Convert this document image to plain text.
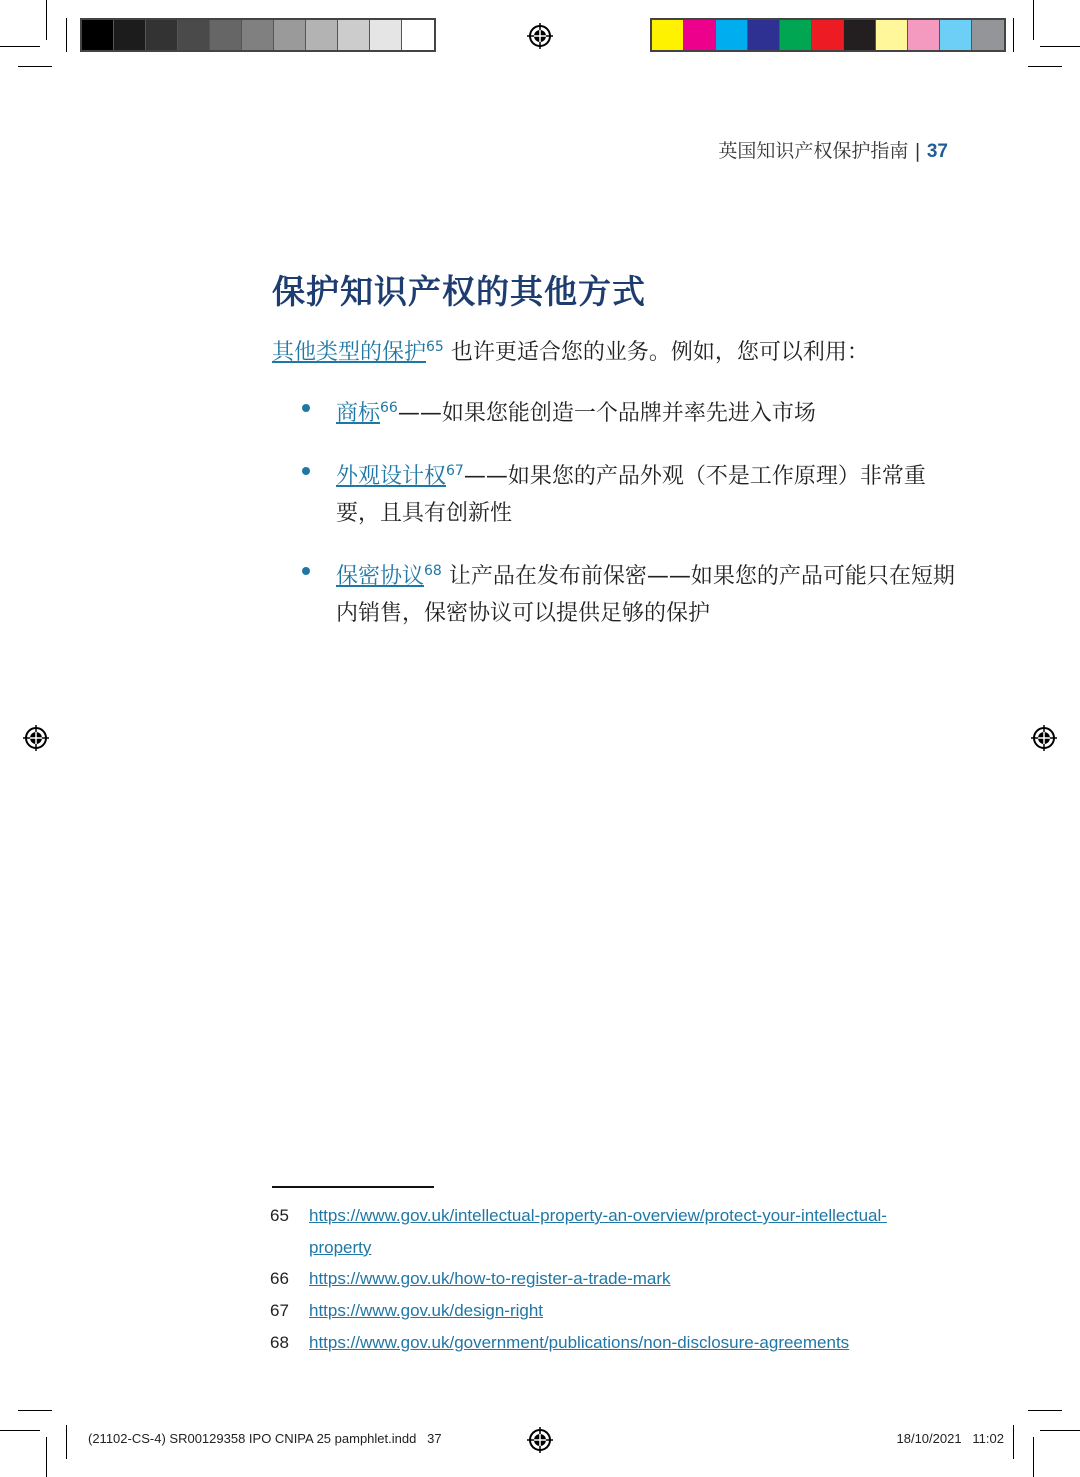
英国知识产权保护指南 | 37
保护知识产权的其他方式
其他类型的保护$^{65}$ 也许更适合您的业务。例如，您可以利用：
商标$^{66}$——如果您能创造一个品牌并率先进入市场
外观设计权$^{67}$——如果您的产品外观（不是工作原理）非常重要，且具有创新性
保密协议$^{68}$ 让产品在发布前保密——如果您的产品可能只在短期内销售，保密协议可以提供足够的保护
65	https://www.gov.uk/intellectual-property-an-overview/protect-your-intellectual-property
66	https://www.gov.uk/how-to-register-a-trade-mark
67	https://www.gov.uk/design-right
68	https://www.gov.uk/government/publications/non-disclosure-agreements
(21102-CS-4) SR00129358 IPO CNIPA 25 pamphlet.indd 37	18/10/2021 11:02
